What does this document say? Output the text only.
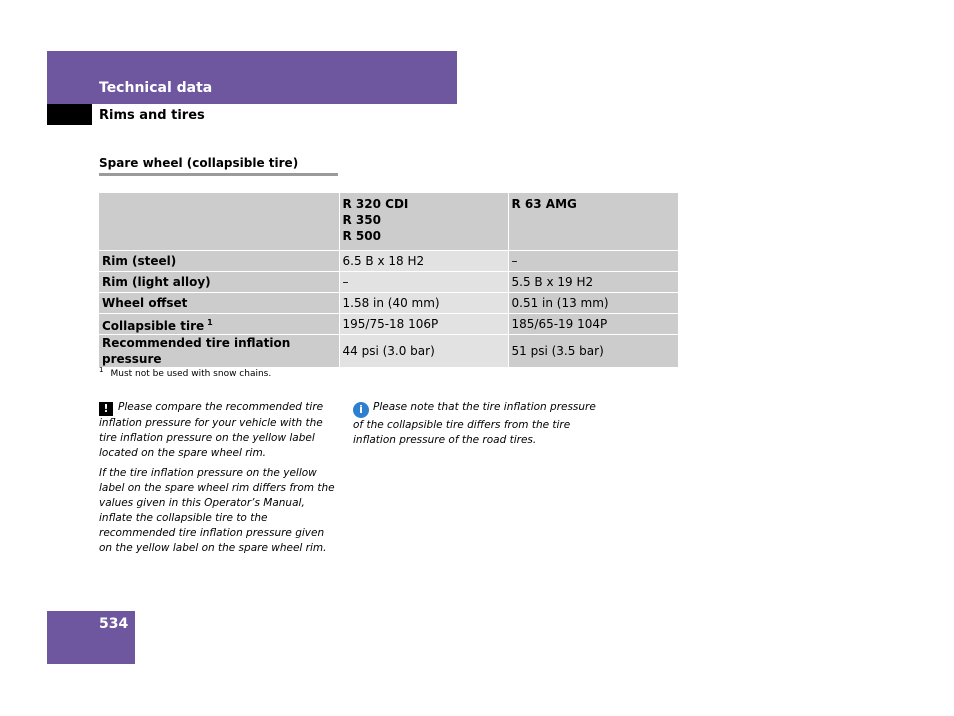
Technical data
Rims and tires
Spare wheel (collapsible tire)

	R 320 CDI
R 350
R 500	R 63 AMG
Rim (steel)	6.5 B x 18 H2	–
Rim (light alloy)	–	5.5 B x 19 H2
Wheel offset	1.58 in (40 mm)	0.51 in (13 mm)
Collapsible tire $^1$	195/75-18 106P	185/65-19 104P
Recommended tire inflation pressure	44 psi (3.0 bar)	51 psi (3.5 bar)
$^1$ Must not be used with snow chains.

! Please compare the recommended tire inflation pressure for your vehicle with the tire inflation pressure on the yellow label located on the spare wheel rim.

If the tire inflation pressure on the yellow label on the spare wheel rim differs from the values given in this Operator’s Manual, inflate the collapsible tire to the recommended tire inflation pressure given on the yellow label on the spare wheel rim.

i Please note that the tire inflation pressure of the collapsible tire differs from the tire inflation pressure of the road tires.
534
